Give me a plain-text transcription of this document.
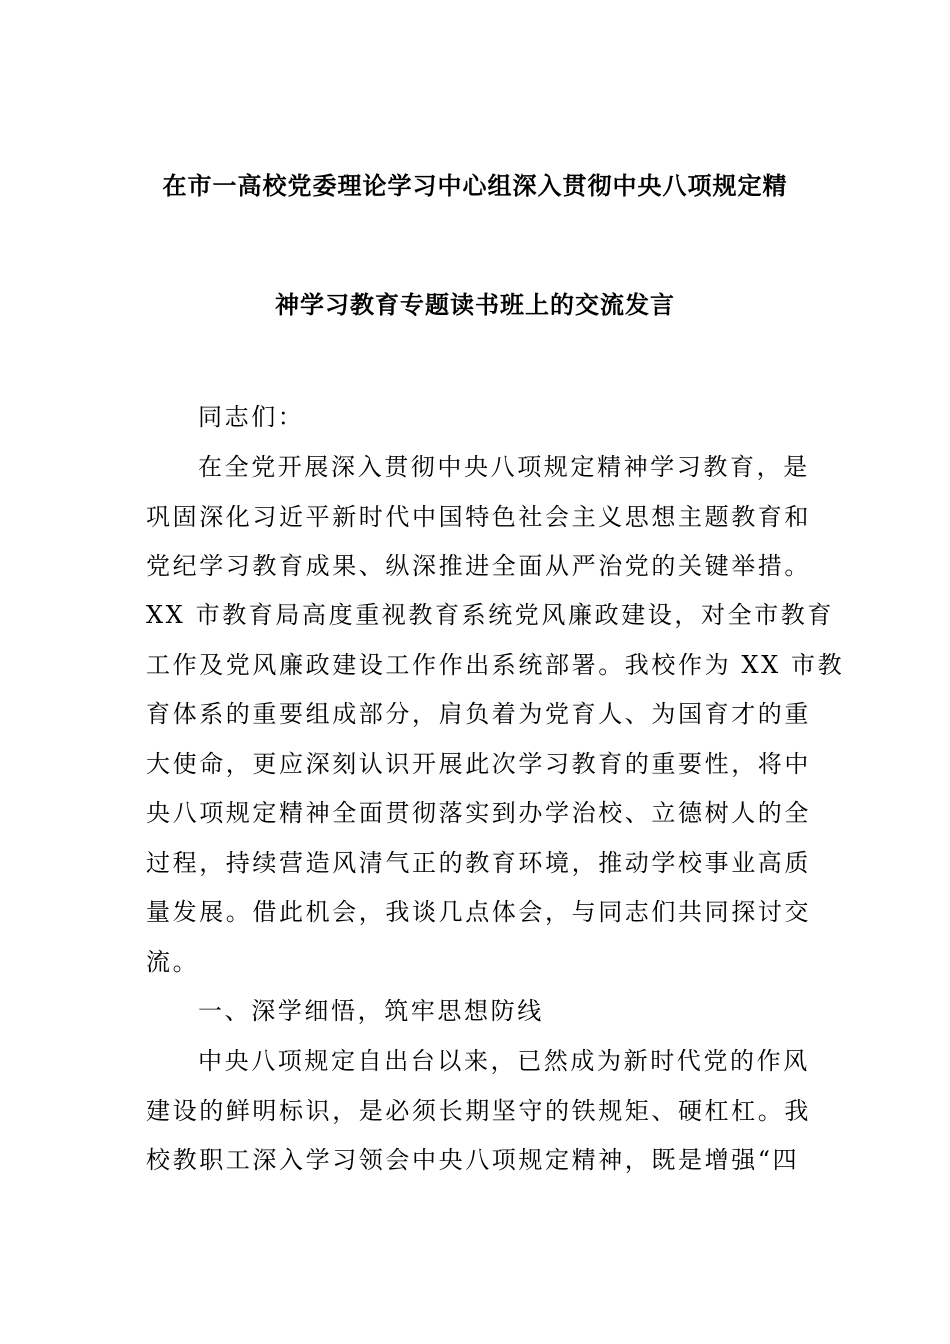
在市一高校党委理论学习中心组深入贯彻中央八项规定精
神学习教育专题读书班上的交流发言
同志们：
在全党开展深入贯彻中央八项规定精神学习教育，是
巩固深化习近平新时代中国特色社会主义思想主题教育和
党纪学习教育成果、纵深推进全面从严治党的关键举措。
XX 市教育局高度重视教育系统党风廉政建设，对全市教育
工作及党风廉政建设工作作出系统部署。我校作为 XX 市教
育体系的重要组成部分，肩负着为党育人、为国育才的重
大使命，更应深刻认识开展此次学习教育的重要性，将中
央八项规定精神全面贯彻落实到办学治校、立德树人的全
过程，持续营造风清气正的教育环境，推动学校事业高质
量发展。借此机会，我谈几点体会，与同志们共同探讨交
流。
一、深学细悟，筑牢思想防线
中央八项规定自出台以来，已然成为新时代党的作风
建设的鲜明标识，是必须长期坚守的铁规矩、硬杠杠。我
校教职工深入学习领会中央八项规定精神，既是增强“四
